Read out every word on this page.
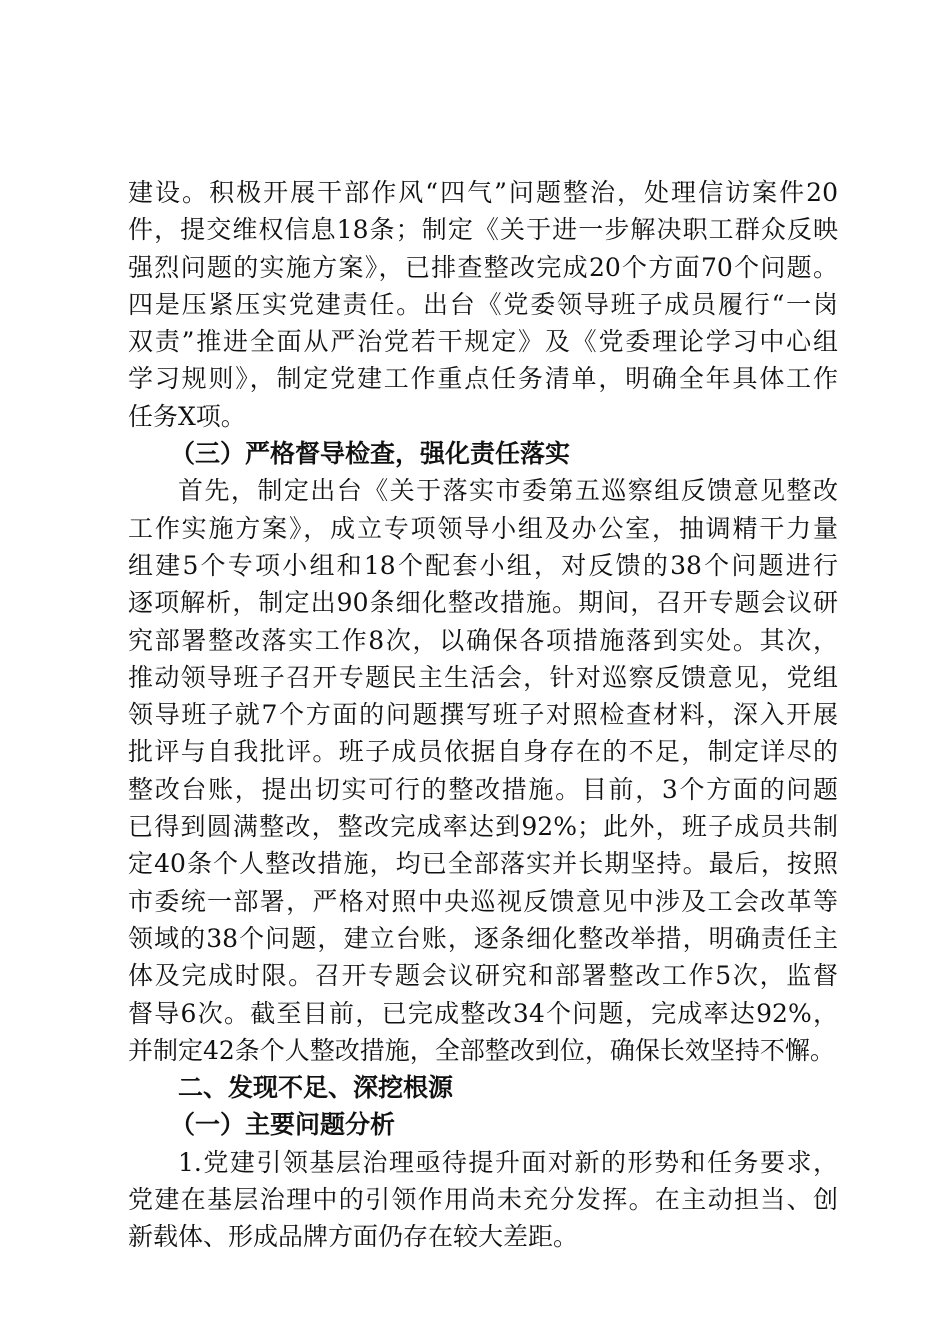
建设。积极开展干部作风“四气”问题整治，处理信访案件20
件，提交维权信息18条；制定《关于进一步解决职工群众反映
强烈问题的实施方案》，已排查整改完成20个方面70个问题。
四是压紧压实党建责任。出台《党委领导班子成员履行“一岗
双责”推进全面从严治党若干规定》及《党委理论学习中心组
学习规则》，制定党建工作重点任务清单，明确全年具体工作
任务X项。
（三）严格督导检查，强化责任落实
首先，制定出台《关于落实市委第五巡察组反馈意见整改
工作实施方案》，成立专项领导小组及办公室，抽调精干力量
组建5个专项小组和18个配套小组，对反馈的38个问题进行
逐项解析，制定出90条细化整改措施。期间，召开专题会议研
究部署整改落实工作8次，以确保各项措施落到实处。其次，
推动领导班子召开专题民主生活会，针对巡察反馈意见，党组
领导班子就7个方面的问题撰写班子对照检查材料，深入开展
批评与自我批评。班子成员依据自身存在的不足，制定详尽的
整改台账，提出切实可行的整改措施。目前，3个方面的问题
已得到圆满整改，整改完成率达到92%；此外，班子成员共制
定40条个人整改措施，均已全部落实并长期坚持。最后，按照
市委统一部署，严格对照中央巡视反馈意见中涉及工会改革等
领域的38个问题，建立台账，逐条细化整改举措，明确责任主
体及完成时限。召开专题会议研究和部署整改工作5次，监督
督导6次。截至目前，已完成整改34个问题，完成率达92%，
并制定42条个人整改措施，全部整改到位，确保长效坚持不懈。
二、发现不足、深挖根源
（一）主要问题分析
1.党建引领基层治理亟待提升面对新的形势和任务要求，
党建在基层治理中的引领作用尚未充分发挥。在主动担当、创
新载体、形成品牌方面仍存在较大差距。
